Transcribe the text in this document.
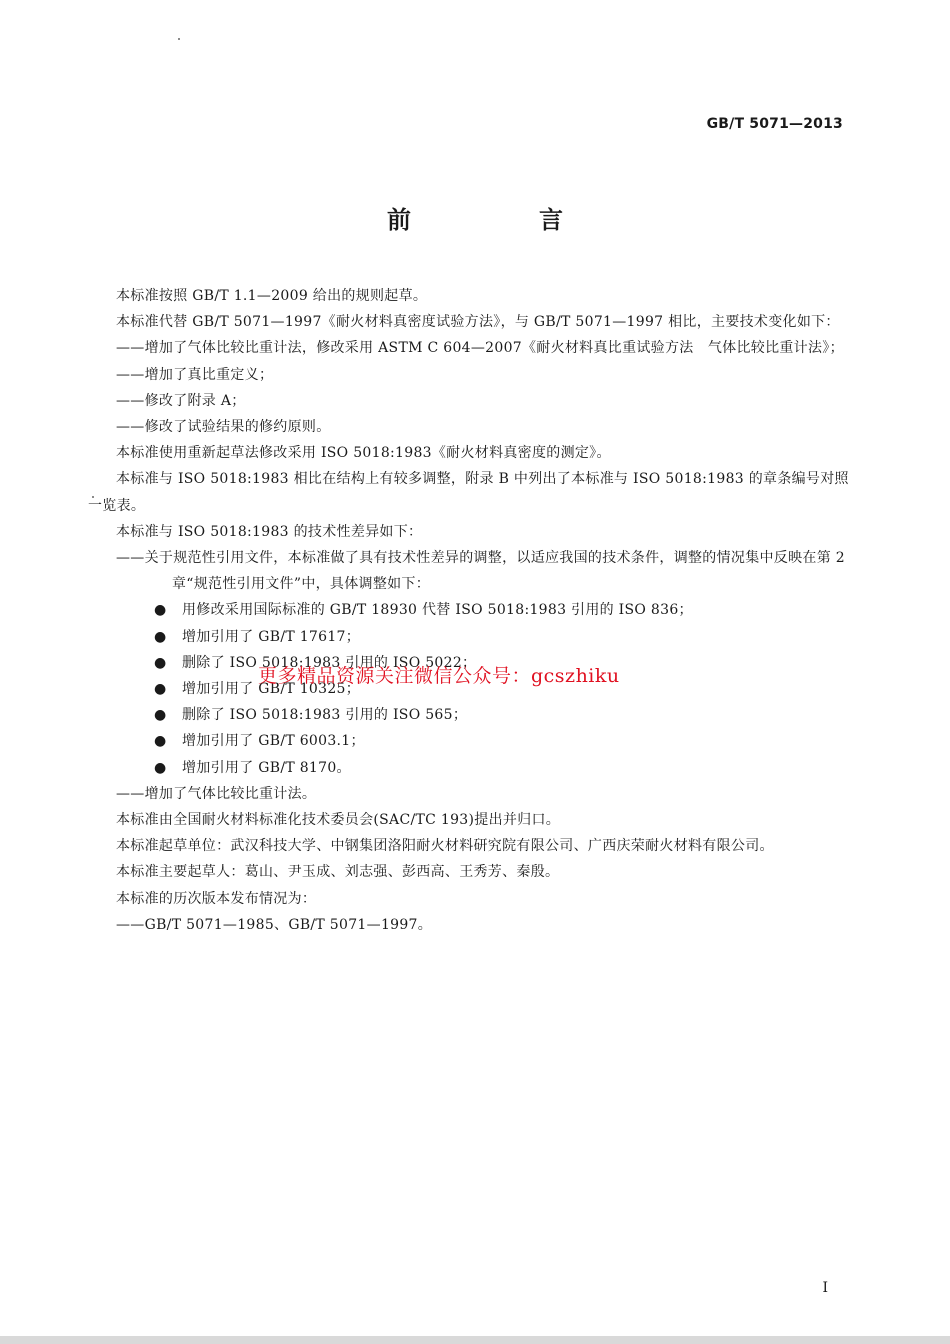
GB/T 5071—2013
前　言

本标准按照 GB/T 1.1—2009 给出的规则起草。

本标准代替 GB/T 5071—1997《耐火材料真密度试验方法》，与 GB/T 5071—1997 相比，主要技术变化如下：

——增加了气体比较比重计法，修改采用 ASTM C 604—2007《耐火材料真比重试验方法　气体比较比重计法》；

——增加了真比重定义；

——修改了附录 A；

——修改了试验结果的修约原则。

本标准使用重新起草法修改采用 ISO 5018:1983《耐火材料真密度的测定》。

本标准与 ISO 5018:1983 相比在结构上有较多调整，附录 B 中列出了本标准与 ISO 5018:1983 的章条编号对照一览表。

本标准与 ISO 5018:1983 的技术性差异如下：

——关于规范性引用文件，本标准做了具有技术性差异的调整，以适应我国的技术条件，调整的情况集中反映在第 2 章“规范性引用文件”中，具体调整如下：

● 用修改采用国际标准的 GB/T 18930 代替 ISO 5018:1983 引用的 ISO 836；
● 增加引用了 GB/T 17617；
● 删除了 ISO 5018:1983 引用的 ISO 5022；
● 增加引用了 GB/T 10325；
● 删除了 ISO 5018:1983 引用的 ISO 565；
● 增加引用了 GB/T 6003.1；
● 增加引用了 GB/T 8170。

——增加了气体比较比重计法。

本标准由全国耐火材料标准化技术委员会(SAC/TC 193)提出并归口。

本标准起草单位：武汉科技大学、中钢集团洛阳耐火材料研究院有限公司、广西庆荣耐火材料有限公司。

本标准主要起草人：葛山、尹玉成、刘志强、彭西高、王秀芳、秦殷。

本标准的历次版本发布情况为：

——GB/T 5071—1985、GB/T 5071—1997。

更多精品资源关注微信公众号：gcszhiku
I
